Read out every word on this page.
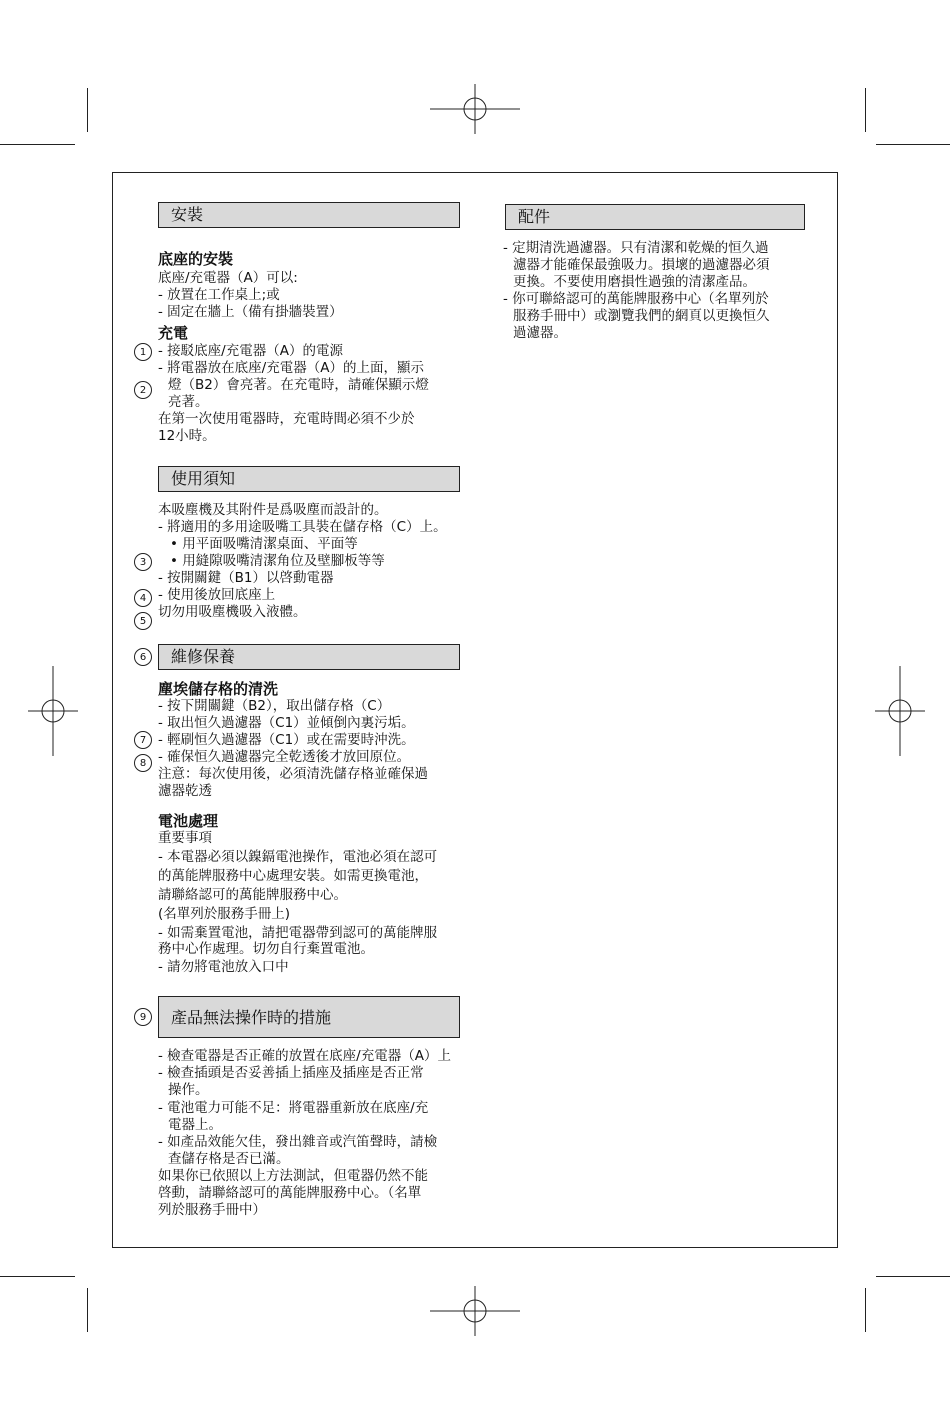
安裝
底座的安裝
底座/充電器（A）可以:
- 放置在工作桌上;或
- 固定在牆上（備有掛牆裝置）
充電
- 接駁底座/充電器（A）的電源
- 將電器放在底座/充電器（A）的上面，顯示
燈（B2）會亮著。在充電時，請確保顯示燈
亮著。
在第一次使用電器時，充電時間必須不少於
12小時。
使用須知
本吸塵機及其附件是爲吸塵而設計的。
- 將適用的多用途吸嘴工具裝在儲存格（C）上。
• 用平面吸嘴清潔桌面、平面等
• 用縫隙吸嘴清潔角位及壁腳板等等
- 按開關鍵（B1）以啓動電器
- 使用後放回底座上
切勿用吸塵機吸入液體。
維修保養
塵埃儲存格的清洗
- 按下開關鍵（B2），取出儲存格（C）
- 取出恒久過濾器（C1）並傾倒內裏污垢。
- 輕刷恒久過濾器（C1）或在需要時沖洗。
- 確保恒久過濾器完全乾透後才放回原位。
注意：每次使用後，必須清洗儲存格並確保過
濾器乾透
電池處理
重要事項
- 本電器必須以鎳鎘電池操作，電池必須在認可
的萬能牌服務中心處理安裝。如需更換電池，
請聯絡認可的萬能牌服務中心。
(名單列於服務手冊上)
- 如需棄置電池，請把電器帶到認可的萬能牌服
務中心作處理。切勿自行棄置電池。
- 請勿將電池放入口中
產品無法操作時的措施
- 檢查電器是否正確的放置在底座/充電器（A）上
- 檢查插頭是否妥善插上插座及插座是否正常
操作。
- 電池電力可能不足：將電器重新放在底座/充
電器上。
- 如產品效能欠佳，發出雜音或汽笛聲時，請檢
查儲存格是否已滿。
如果你已依照以上方法測試，但電器仍然不能
啓動，請聯絡認可的萬能牌服務中心。（名單
列於服務手冊中）
配件
- 定期清洗過濾器。只有清潔和乾燥的恒久過
濾器才能確保最強吸力。損壞的過濾器必須
更換。不要使用磨損性過強的清潔產品。
- 你可聯絡認可的萬能牌服務中心（名單列於
服務手冊中）或瀏覽我們的網頁以更換恒久
過濾器。
1
2
3
4
5
6
7
8
9
